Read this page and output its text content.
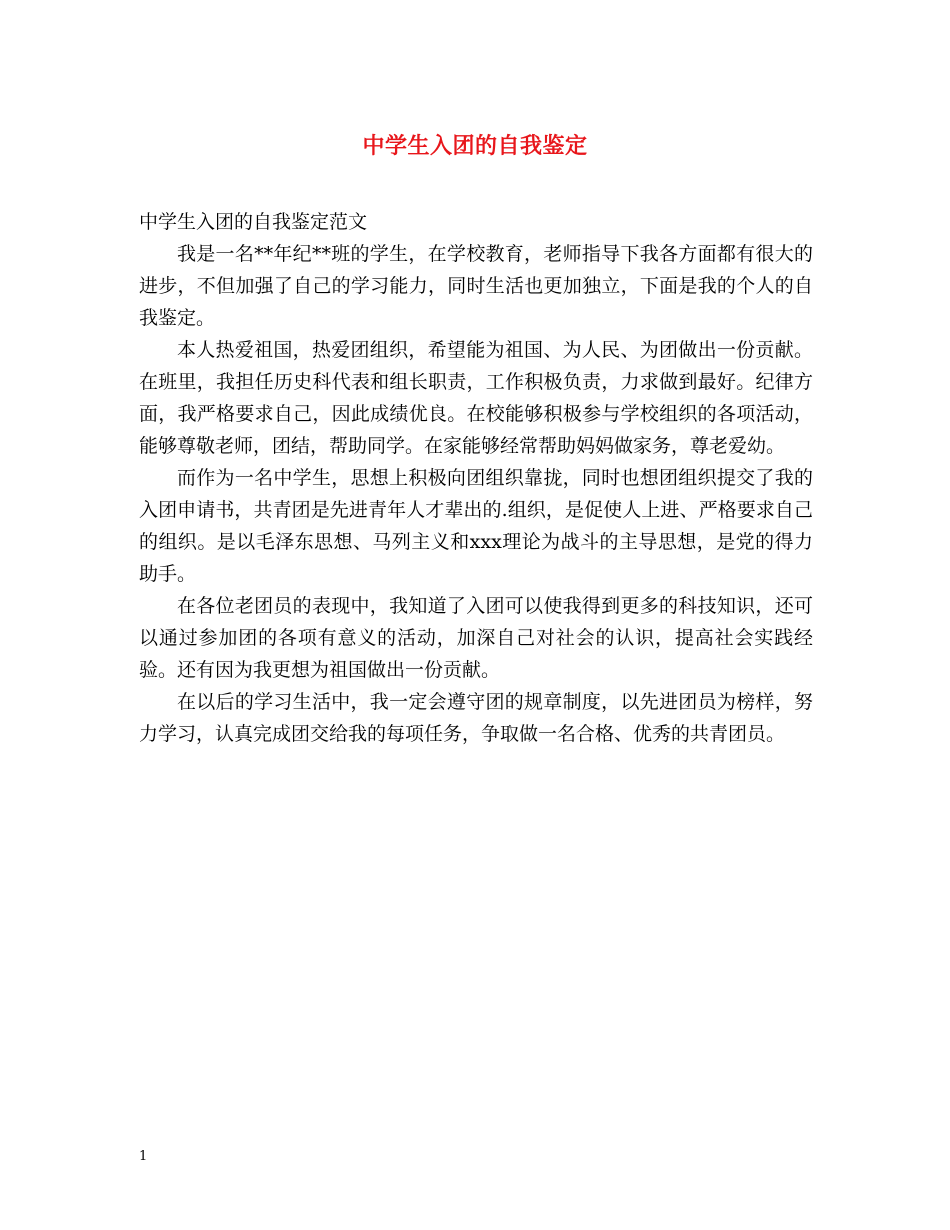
中学生入团的自我鉴定

中学生入团的自我鉴定范文

我是一名**年纪**班的学生，在学校教育，老师指导下我各方面都有很大的进步，不但加强了自己的学习能力，同时生活也更加独立，下面是我的个人的自我鉴定。

本人热爱祖国，热爱团组织，希望能为祖国、为人民、为团做出一份贡献。在班里，我担任历史科代表和组长职责，工作积极负责，力求做到最好。纪律方面，我严格要求自己，因此成绩优良。在校能够积极参与学校组织的各项活动，能够尊敬老师，团结，帮助同学。在家能够经常帮助妈妈做家务，尊老爱幼。

而作为一名中学生，思想上积极向团组织靠拢，同时也想团组织提交了我的入团申请书，共青团是先进青年人才辈出的.组织，是促使人上进、严格要求自己的组织。是以毛泽东思想、马列主义和xxx理论为战斗的主导思想，是党的得力助手。

在各位老团员的表现中，我知道了入团可以使我得到更多的科技知识，还可以通过参加团的各项有意义的活动，加深自己对社会的认识，提高社会实践经验。还有因为我更想为祖国做出一份贡献。

在以后的学习生活中，我一定会遵守团的规章制度，以先进团员为榜样，努力学习，认真完成团交给我的每项任务，争取做一名合格、优秀的共青团员。

1
